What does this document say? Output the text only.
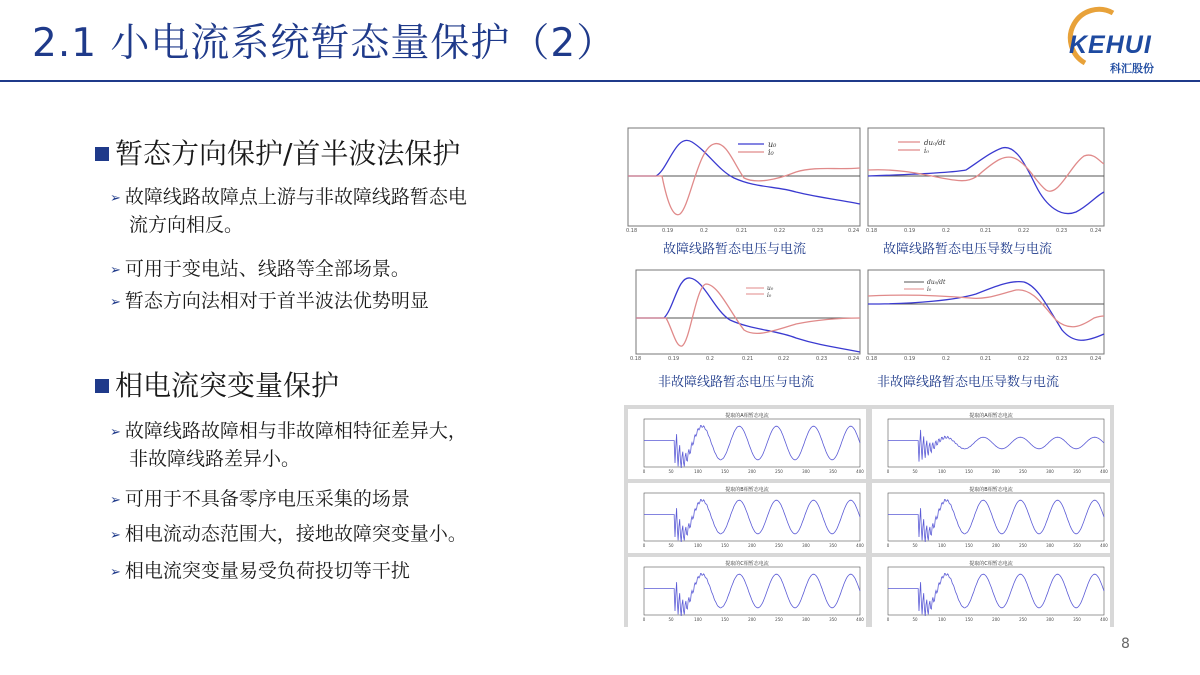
2.1 小电流系统暂态量保护（2）	KEHUI
科汇股份
暂态方向保护/首半波法保护
➢ 故障线路故障点上游与非故障线路暂态电
流方向相反。
➢ 可用于变电站、线路等全部场景。
➢ 暂态方向法相对于首半波法优势明显
相电流突变量保护
➢ 故障线路故障相与非故障相特征差异大，
非故障线路差异小。
➢ 可用于不具备零序电压采集的场景
➢ 相电流动态范围大，接地故障突变量小。
➢ 相电流突变量易受负荷投切等干扰
u₀
i₀
0.18	0.19	0.2	0.21	0.22	0.23	0.24
故障线路暂态电压与电流
du₀/dt
i₀
0.18	0.19	0.2	0.21	0.22	0.23	0.24
故障线路暂态电压导数与电流
u₀
i₀
0.18	0.19	0.2	0.21	0.22	0.23	0.24
非故障线路暂态电压与电流
du₀/dt
i₀
0.18	0.19	0.2	0.21	0.22	0.23	0.24
非故障线路暂态电压导数与电流
提取的A相暂态电流
0	50	100	150	200	250	300	350	400
提取的A相暂态电流
0	50	100	150	200	250	300	350	400
提取的B相暂态电流
0	50	100	150	200	250	300	350	400
提取的B相暂态电流
0	50	100	150	200	250	300	350	400
提取的C相暂态电流
0	50	100	150	200	250	300	350	400
提取的C相暂态电流
0	50	100	150	200	250	300	350	400
8
